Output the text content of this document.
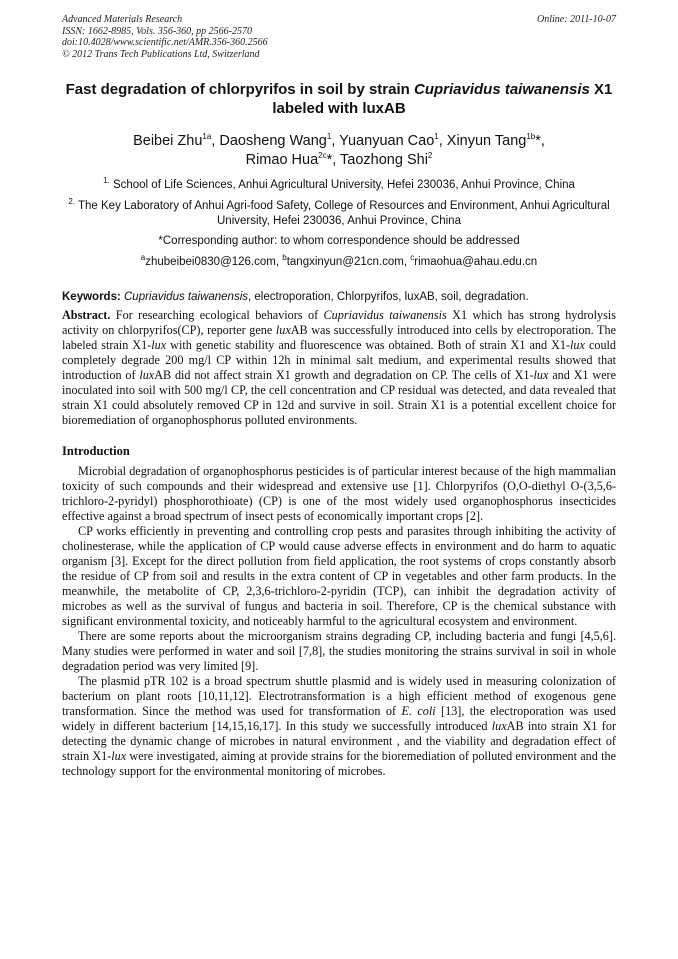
Advanced Materials Research
ISSN: 1662-8985, Vols. 356-360, pp 2566-2570
doi:10.4028/www.scientific.net/AMR.356-360.2566
© 2012 Trans Tech Publications Ltd, Switzerland
Online: 2011-10-07
Fast degradation of chlorpyrifos in soil by strain Cupriavidus taiwanensis X1 labeled with luxAB
Beibei Zhu$^{1a}$, Daosheng Wang$^1$, Yuanyuan Cao$^1$, Xinyun Tang$^{1b}$*,
Rimao Hua$^{2c}$*, Taozhong Shi$^2$
$^{1.}$ School of Life Sciences, Anhui Agricultural University, Hefei 230036, Anhui Province, China
$^{2.}$ The Key Laboratory of Anhui Agri-food Safety, College of Resources and Environment, Anhui Agricultural University, Hefei 230036, Anhui Province, China
*Corresponding author: to whom correspondence should be addressed
$^a$zhubeibei0830@126.com, $^b$tangxinyun@21cn.com, $^c$rimaohua@ahau.edu.cn
Keywords: Cupriavidus taiwanensis, electroporation, Chlorpyrifos, luxAB, soil, degradation.
Abstract. For researching ecological behaviors of Cupriavidus taiwanensis X1 which has strong hydrolysis activity on chlorpyrifos(CP), reporter gene luxAB was successfully introduced into cells by electroporation. The labeled strain X1-lux with genetic stability and fluorescence was obtained. Both of strain X1 and X1-lux could completely degrade 200 mg/l CP within 12h in minimal salt medium, and experimental results showed that introduction of luxAB did not affect strain X1 growth and degradation on CP. The cells of X1-lux and X1 were inoculated into soil with 500 mg/l CP, the cell concentration and CP residual was detected, and data revealed that strain X1 could absolutely removed CP in 12d and survive in soil. Strain X1 is a potential excellent choice for bioremediation of organophosphorus polluted environments.
Introduction

Microbial degradation of organophosphorus pesticides is of particular interest because of the high mammalian toxicity of such compounds and their widespread and extensive use [1]. Chlorpyrifos (O,O-diethyl O-(3,5,6-trichloro-2-pyridyl) phosphorothioate) (CP) is one of the most widely used organophosphorus insecticides effective against a broad spectrum of insect pests of economically important crops [2].

CP works efficiently in preventing and controlling crop pests and parasites through inhibiting the activity of cholinesterase, while the application of CP would cause adverse effects in environment and do harm to aquatic organism [3]. Except for the direct pollution from field application, the root systems of crops constantly absorb the residue of CP from soil and results in the extra content of CP in vegetables and other farm products. In the meanwhile, the metabolite of CP, 2,3,6-trichloro-2-pyridin (TCP), can inhibit the degradation activity of microbes as well as the survival of fungus and bacteria in soil. Therefore, CP is the chemical substance with significant environmental toxicity, and noticeably harmful to the agricultural ecosystem and environment.

There are some reports about the microorganism strains degrading CP, including bacteria and fungi [4,5,6]. Many studies were performed in water and soil [7,8], the studies monitoring the strains survival in soil in whole degradation period was very limited [9].

The plasmid pTR 102 is a broad spectrum shuttle plasmid and is widely used in measuring colonization of bacterium on plant roots [10,11,12]. Electrotransformation is a high efficient method of exogenous gene transformation. Since the method was used for transformation of E. coli [13], the electroporation was used widely in different bacterium [14,15,16,17]. In this study we successfully introduced luxAB into strain X1 for detecting the dynamic change of microbes in natural environment , and the viability and degradation effect of strain X1-lux were investigated, aiming at provide strains for the bioremediation of polluted environment and the technology support for the environmental monitoring of microbes.
